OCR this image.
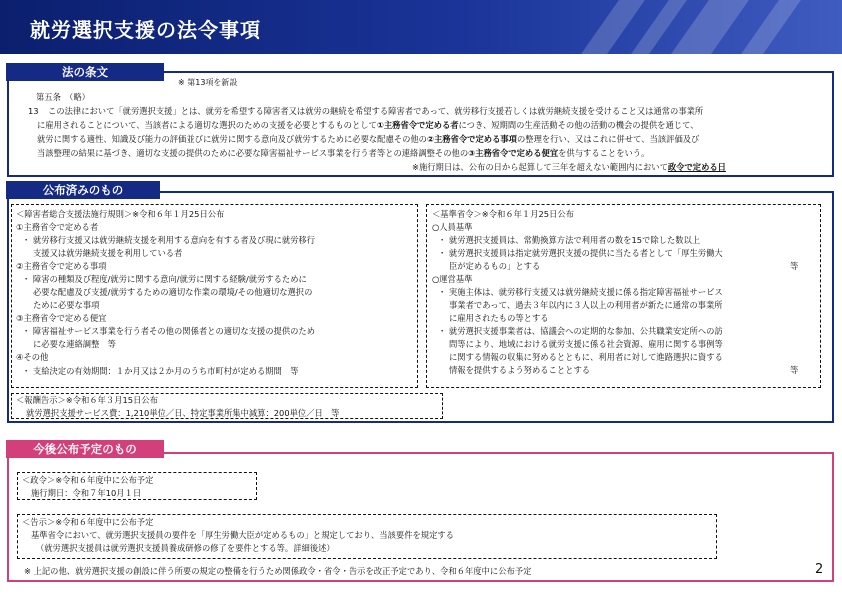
就労選択支援の法令事項
法の条文
※ 第13項を新設
第五条　（略）
13 この法律において「就労選択支援」とは、就労を希望する障害者又は就労の継続を希望する障害者であって、就労移行支援若しくは就労継続支援を受けること又は通常の事業所
に雇用されることについて、当該者による適切な選択のための支援を必要とするものとして①主務省令で定める者につき、短期間の生産活動その他の活動の機会の提供を通じて、
就労に関する適性、知識及び能力の評価並びに就労に関する意向及び就労するために必要な配慮その他の②主務省令で定める事項の整理を行い、又はこれに併せて、当該評価及び
当該整理の結果に基づき、適切な支援の提供のために必要な障害福祉サービス事業を行う者等との連絡調整その他の③主務省令で定める便宜を供与することをいう。
※施行期日は、公布の日から起算して三年を超えない範囲内において政令で定める日
公布済みのもの
＜障害者総合支援法施行規則＞※令和６年１月25日公布
①主務省令で定める者
・ 就労移行支援又は就労継続支援を利用する意向を有する者及び現に就労移行
支援又は就労継続支援を利用している者
②主務省令で定める事項
・ 障害の種類及び程度/就労に関する意向/就労に関する経験/就労するために
必要な配慮及び支援/就労するための適切な作業の環境/その他適切な選択の
ために必要な事項
③主務省令で定める便宜
・ 障害福祉サービス事業を行う者その他の関係者との適切な支援の提供のため
に必要な連絡調整　等
④その他
・ 支給決定の有効期間：１か月又は２か月のうち市町村が定める期間　等
＜基準省令＞※令和６年１月25日公布
○人員基準
・ 就労選択支援員は、常勤換算方法で利用者の数を15で除した数以上
・ 就労選択支援員は指定就労選択支援の提供に当たる者として「厚生労働大
臣が定めるもの」とする	等
○運営基準
・ 実施主体は、就労移行支援又は就労継続支援に係る指定障害福祉サービス
事業者であって、過去３年以内に３人以上の利用者が新たに通常の事業所
に雇用されたもの等とする
・ 就労選択支援事業者は、協議会への定期的な参加、公共職業安定所への訪
問等により、地域における就労支援に係る社会資源、雇用に関する事例等
に関する情報の収集に努めるとともに、利用者に対して進路選択に資する
情報を提供するよう努めることとする	等
＜報酬告示＞※令和６年３月15日公布
就労選択支援サービス費：1,210単位／日、特定事業所集中減算：200単位／日　等
今後公布予定のもの
＜政令＞※令和６年度中に公布予定
施行期日：令和７年10月１日
＜告示＞※令和６年度中に公布予定
基準省令において、就労選択支援員の要件を「厚生労働大臣が定めるもの」と規定しており、当該要件を規定する
（就労選択支援員は就労選択支援員養成研修の修了を要件とする等。詳細後述）
※ 上記の他、就労選択支援の創設に伴う所要の規定の整備を行うため関係政令・省令・告示を改正予定であり、令和６年度中に公布予定	2
